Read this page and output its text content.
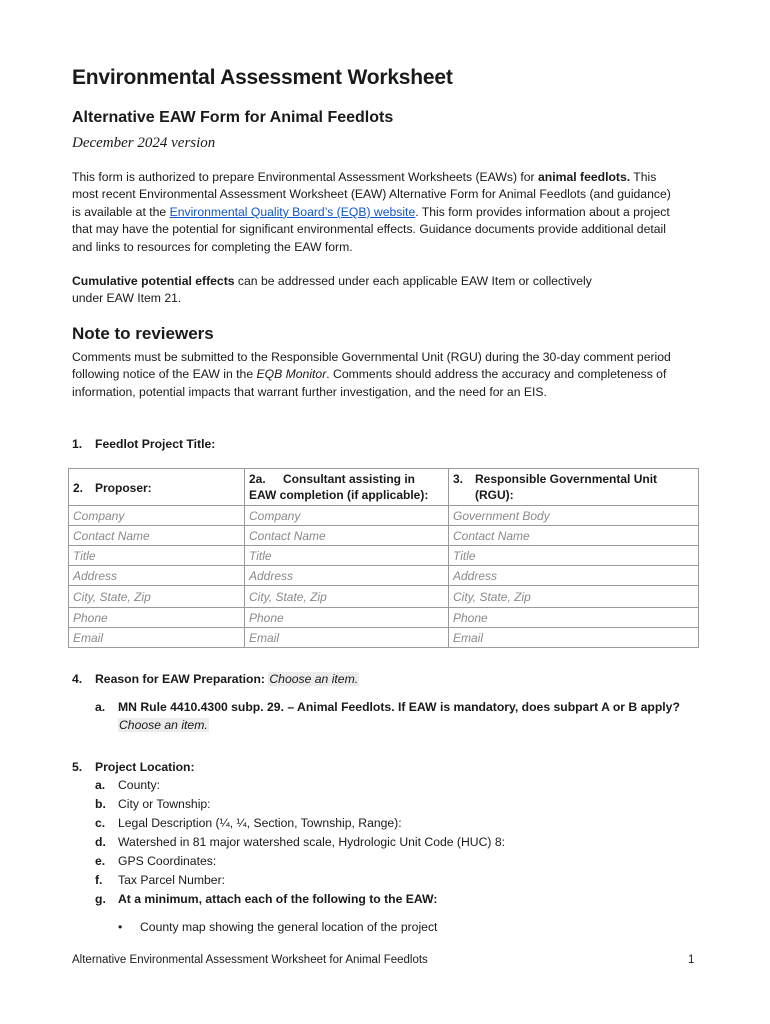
Environmental Assessment Worksheet
Alternative EAW Form for Animal Feedlots
December 2024 version
This form is authorized to prepare Environmental Assessment Worksheets (EAWs) for animal feedlots. This most recent Environmental Assessment Worksheet (EAW) Alternative Form for Animal Feedlots (and guidance) is available at the Environmental Quality Board’s (EQB) website. This form provides information about a project that may have the potential for significant environmental effects. Guidance documents provide additional detail and links to resources for completing the EAW form.
Cumulative potential effects can be addressed under each applicable EAW Item or collectively
under EAW Item 21.
Note to reviewers
Comments must be submitted to the Responsible Governmental Unit (RGU) during the 30-day comment period following notice of the EAW in the EQB Monitor. Comments should address the accuracy and completeness of information, potential impacts that warrant further investigation, and the need for an EIS.
1. Feedlot Project Title:
2. Proposer:	2a. Consultant assisting in
EAW completion (if applicable):	3. Responsible Governmental Unit
(RGU):
Company	Company	Government Body
Contact Name	Contact Name	Contact Name
Title	Title	Title
Address	Address	Address
City, State, Zip	City, State, Zip	City, State, Zip
Phone	Phone	Phone
Email	Email	Email
4. Reason for EAW Preparation: Choose an item.
a. MN Rule 4410.4300 subp. 29. – Animal Feedlots. If EAW is mandatory, does subpart A or B apply?
Choose an item.
5. Project Location:
a. County:
b. City or Township:
c. Legal Description (¼, ¼, Section, Township, Range):
d. Watershed in 81 major watershed scale, Hydrologic Unit Code (HUC) 8:
e. GPS Coordinates:
f. Tax Parcel Number:
g. At a minimum, attach each of the following to the EAW:
• County map showing the general location of the project
Alternative Environmental Assessment Worksheet for Animal Feedlots	1
